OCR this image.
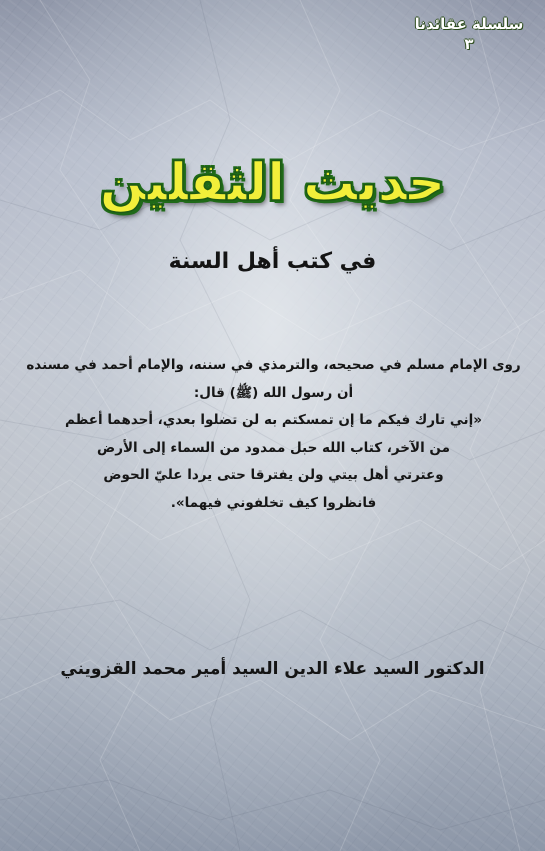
سلسلة عقائدنا
٣
حديث الثقلين
في كتب أهل السنة
روى الإمام مسلم في صحيحه، والترمذي في سننه، والإمام أحمد في مسنده
أن رسول الله (ﷺ) قال:
«إني تارك فيكم ما إن تمسكتم به لن تضلوا بعدي، أحدهما أعظم
من الآخر، كتاب الله حبل ممدود من السماء إلى الأرض
وعترتي أهل بيتي ولن يفترقا حتى يردا عليّ الحوض
فانظروا كيف تخلفوني فيهما».
الدكتور السيد علاء الدين السيد أمير محمد القزويني
